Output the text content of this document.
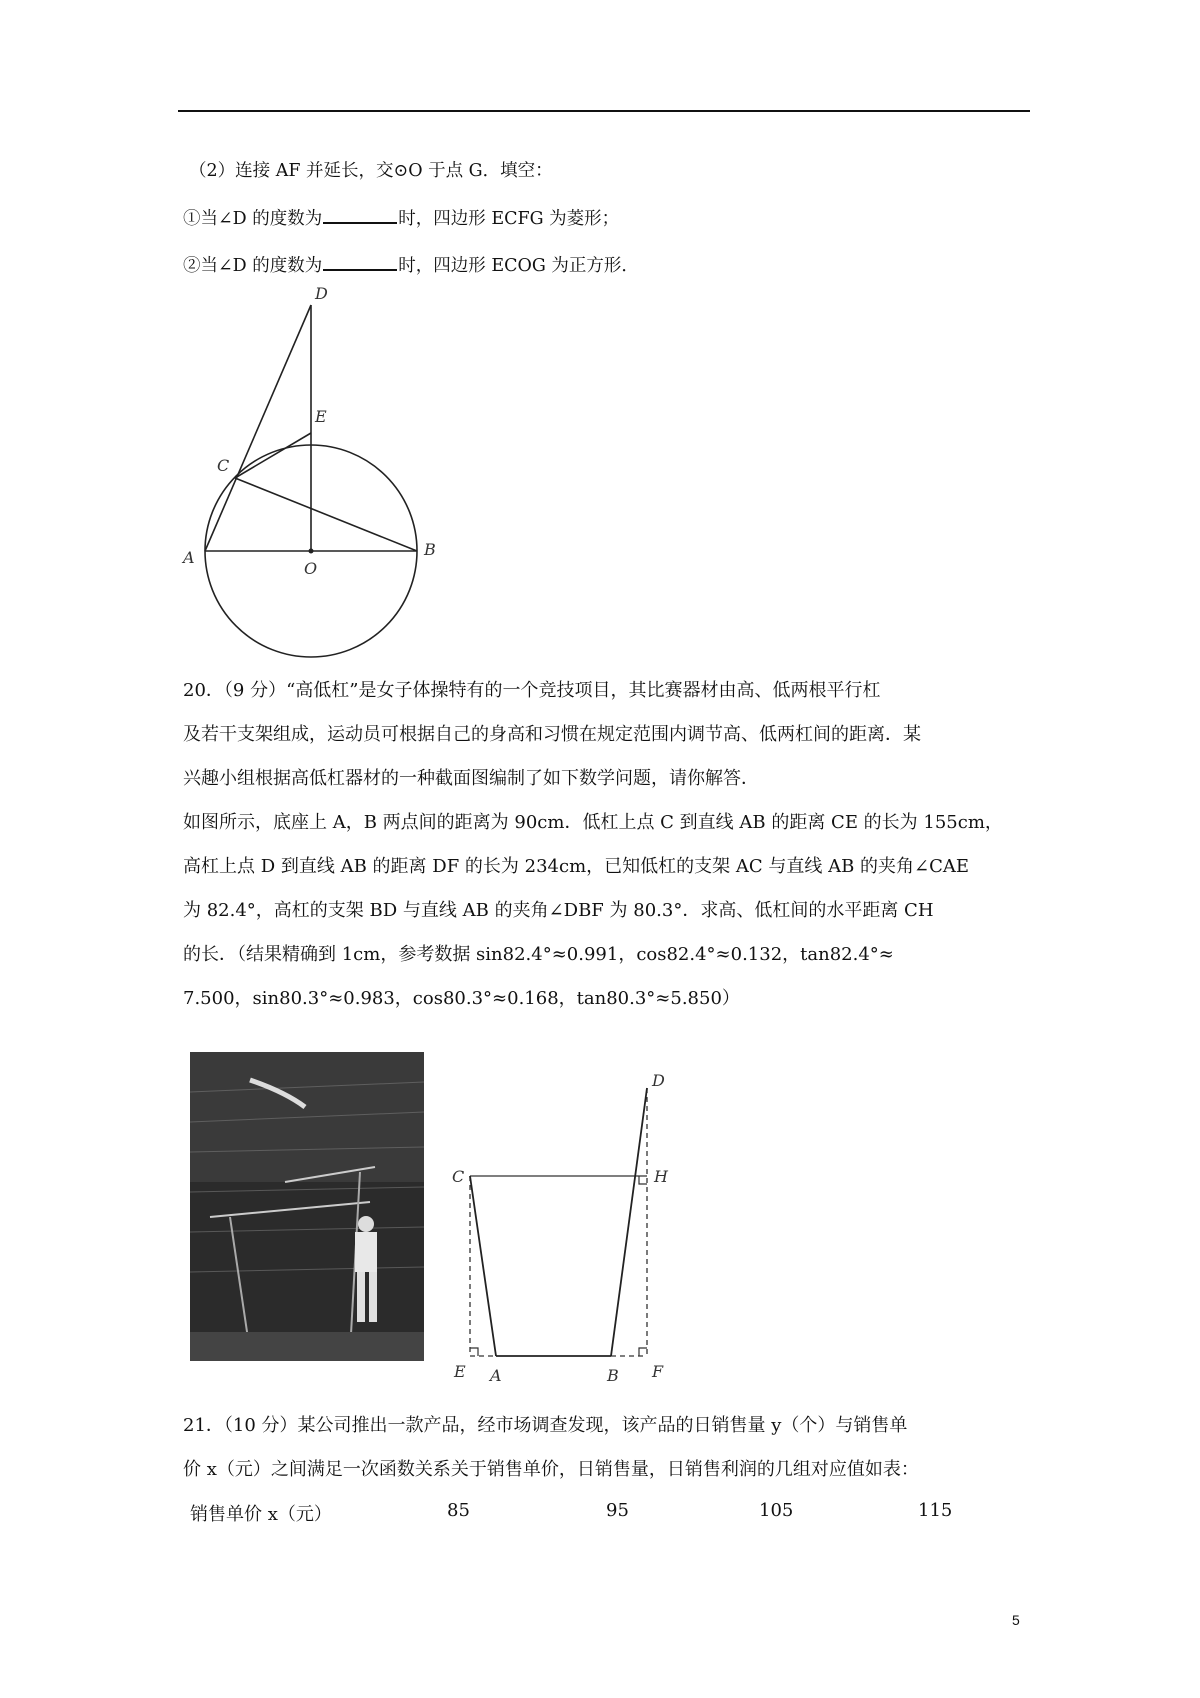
（2）连接 AF 并延长，交⊙O 于点 G．填空：
①当∠D 的度数为	时，四边形 ECFG 为菱形；
②当∠D 的度数为	时，四边形 ECOG 为正方形．
D
E
C
A
O
B
20．（9 分）“高低杠”是女子体操特有的一个竞技项目，其比赛器材由高、低两根平行杠
及若干支架组成，运动员可根据自己的身高和习惯在规定范围内调节高、低两杠间的距离．某
兴趣小组根据高低杠器材的一种截面图编制了如下数学问题，请你解答．
如图所示，底座上 A，B 两点间的距离为 90cm．低杠上点 C 到直线 AB 的距离 CE 的长为 155cm，
高杠上点 D 到直线 AB 的距离 DF 的长为 234cm，已知低杠的支架 AC 与直线 AB 的夹角∠CAE
为 82.4°，高杠的支架 BD 与直线 AB 的夹角∠DBF 为 80.3°．求高、低杠间的水平距离 CH
的长．（结果精确到 1cm，参考数据 sin82.4°≈0.991，cos82.4°≈0.132，tan82.4°≈
7.500，sin80.3°≈0.983，cos80.3°≈0.168，tan80.3°≈5.850）
C
D
H
E A	B F
21．（10 分）某公司推出一款产品，经市场调查发现，该产品的日销售量 y（个）与销售单
价 x（元）之间满足一次函数关系关于销售单价，日销售量，日销售利润的几组对应值如表：
销售单价 x（元）	85	95	105	115
5
